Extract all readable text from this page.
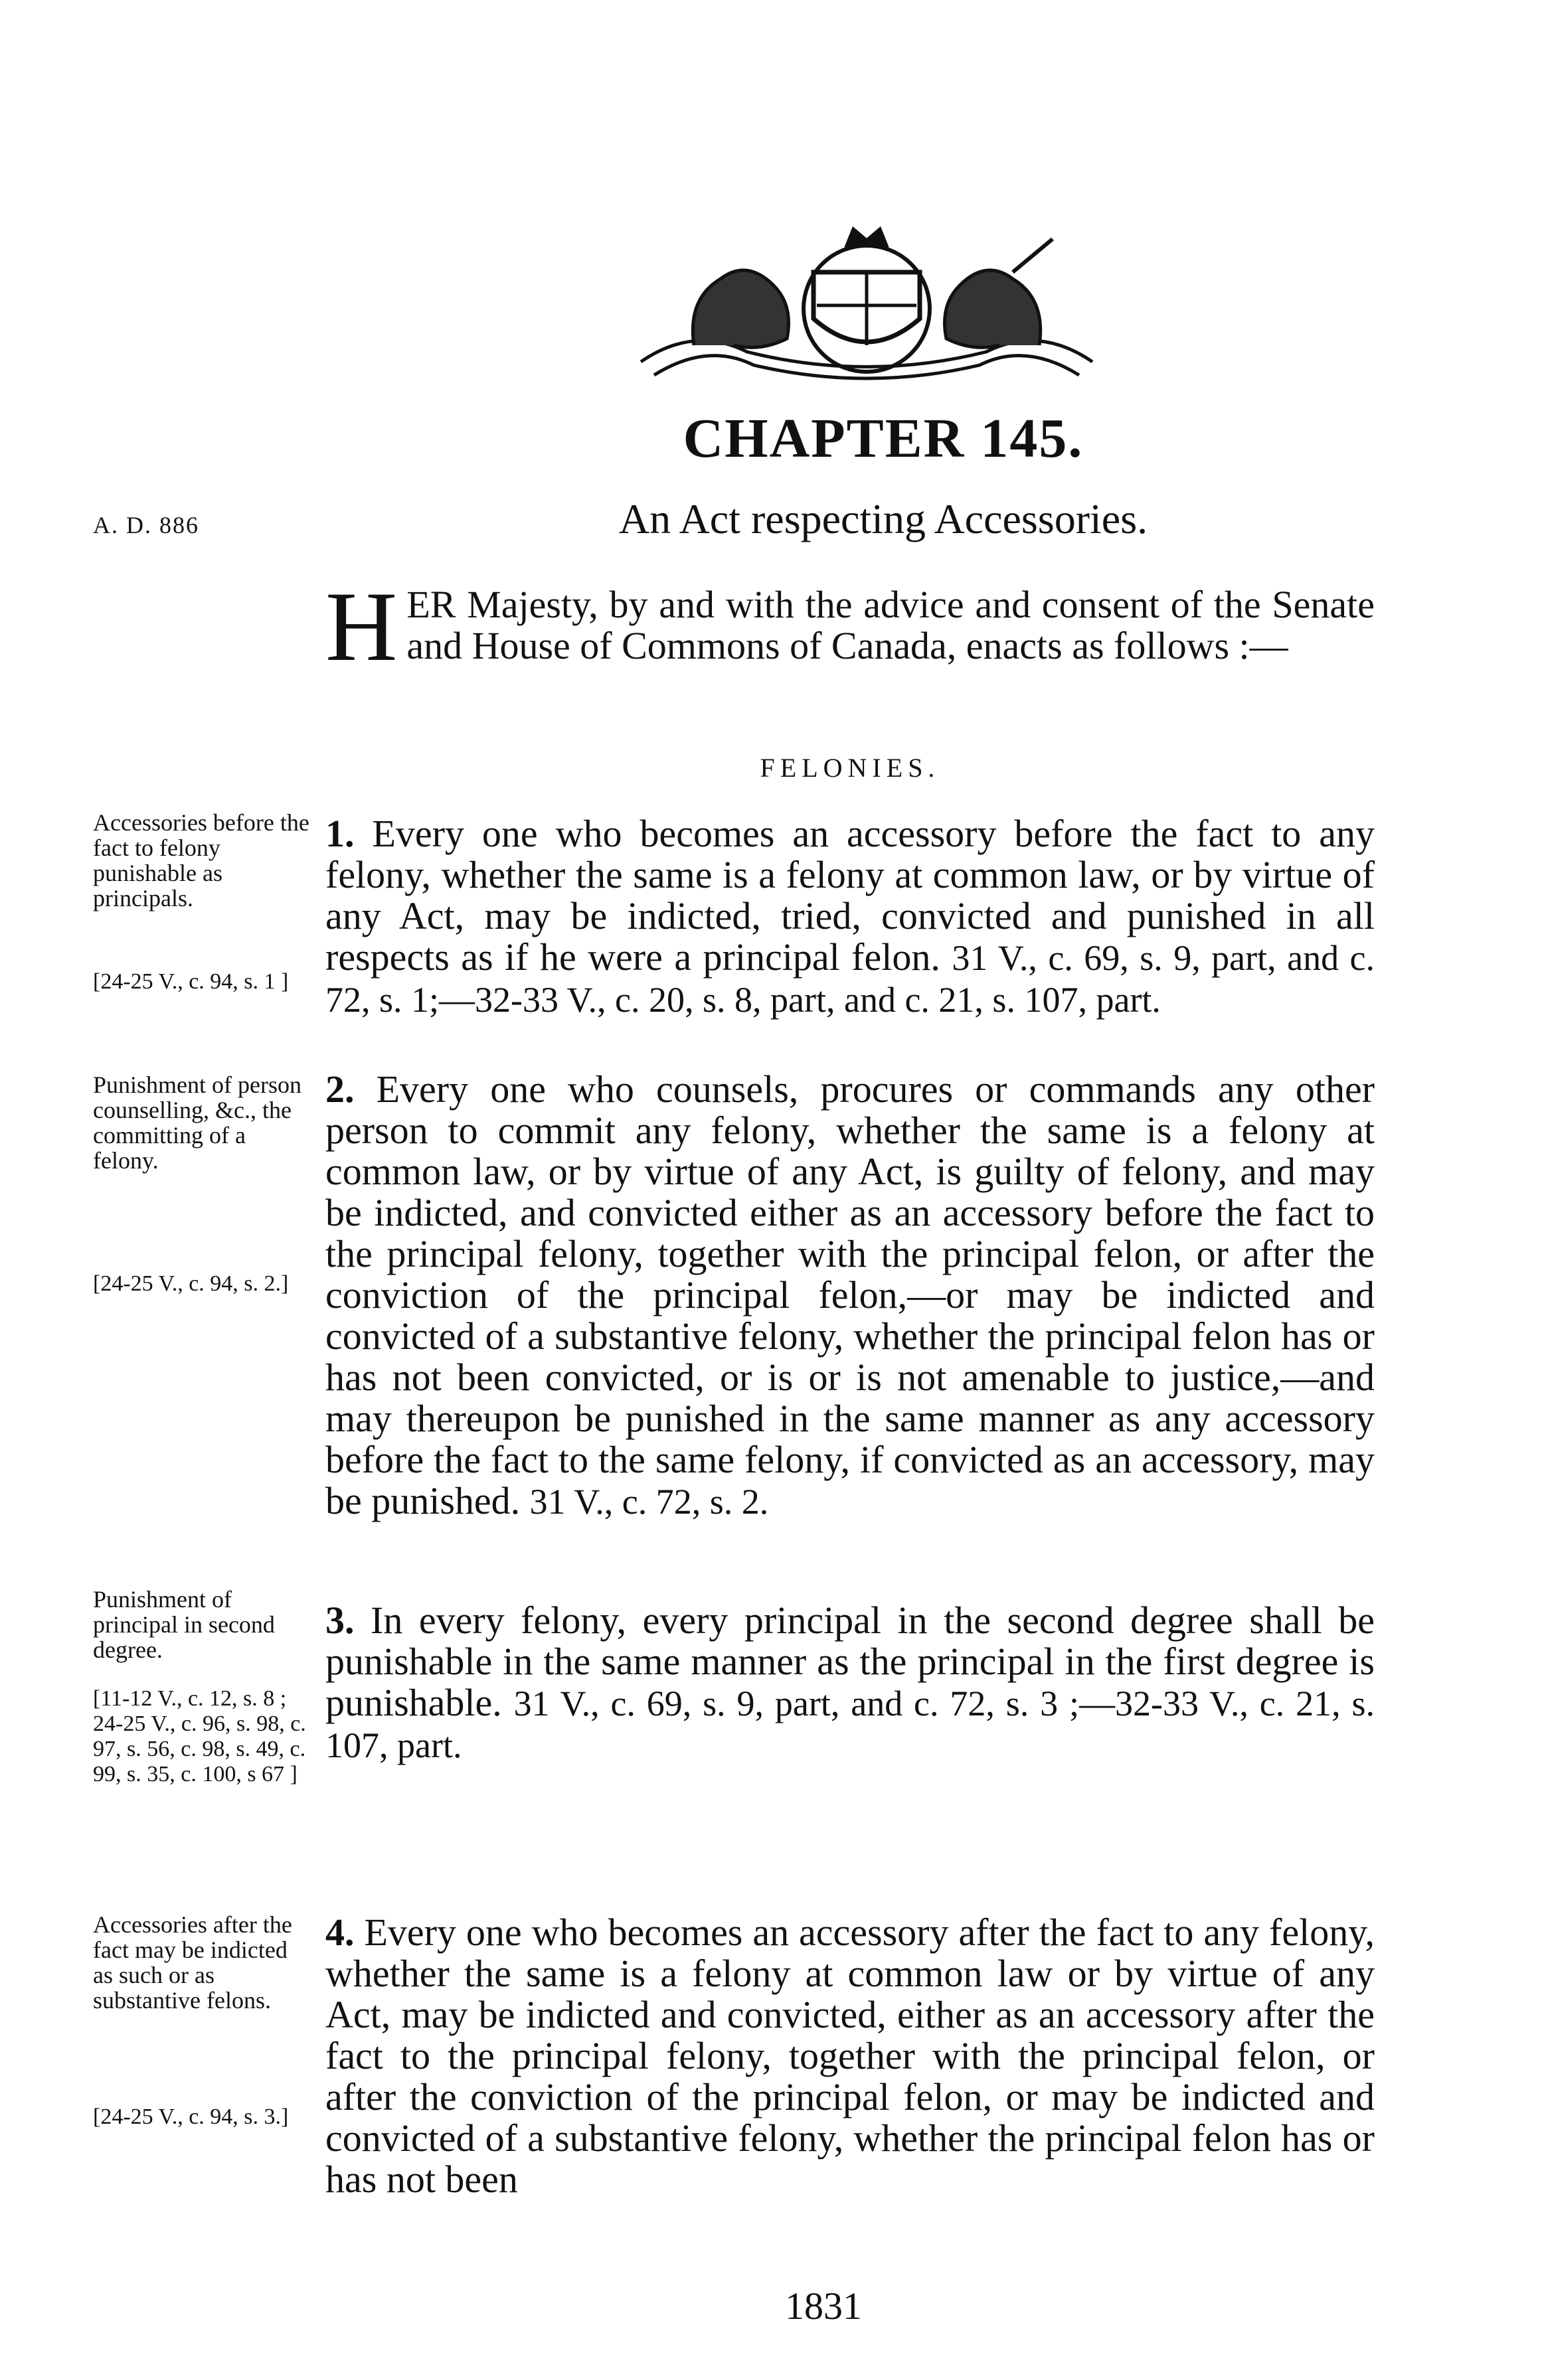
CHAPTER 145.
A. D. 886	An Act respecting Accessories.
H ER Majesty, by and with the advice and consent of the Senate and House of Commons of Canada, enacts as follows :—
FELONIES.
Accessories before the fact to felony punishable as principals.
[24-25 V., c. 94, s. 1 ]
1. Every one who becomes an accessory before the fact to any felony, whether the same is a felony at common law, or by virtue of any Act, may be indicted, tried, convicted and punished in all respects as if he were a principal felon. 31 V., c. 69, s. 9, part, and c. 72, s. 1;—32-33 V., c. 20, s. 8, part, and c. 21, s. 107, part.
Punishment of person counselling, &c., the committing of a felony.
[24-25 V., c. 94, s. 2.]
2. Every one who counsels, procures or commands any other person to commit any felony, whether the same is a felony at common law, or by virtue of any Act, is guilty of felony, and may be indicted, and convicted either as an accessory before the fact to the principal felony, together with the principal felon, or after the conviction of the principal felon,—or may be indicted and convicted of a substantive felony, whether the principal felon has or has not been convicted, or is or is not amenable to justice,—and may thereupon be punished in the same manner as any accessory before the fact to the same felony, if convicted as an accessory, may be punished. 31 V., c. 72, s. 2.
Punishment of principal in second degree.
[11-12 V., c. 12, s. 8 ; 24-25 V., c. 96, s. 98, c. 97, s. 56, c. 98, s. 49, c. 99, s. 35, c. 100, s 67 ]
3. In every felony, every principal in the second degree shall be punishable in the same manner as the principal in the first degree is punishable. 31 V., c. 69, s. 9, part, and c. 72, s. 3 ;—32-33 V., c. 21, s. 107, part.
Accessories after the fact may be indicted as such or as substantive felons.
[24-25 V., c. 94, s. 3.]
4. Every one who becomes an accessory after the fact to any felony, whether the same is a felony at common law or by virtue of any Act, may be indicted and convicted, either as an accessory after the fact to the principal felony, together with the principal felon, or after the conviction of the principal felon, or may be indicted and convicted of a substantive felony, whether the principal felon has or has not been
1831
